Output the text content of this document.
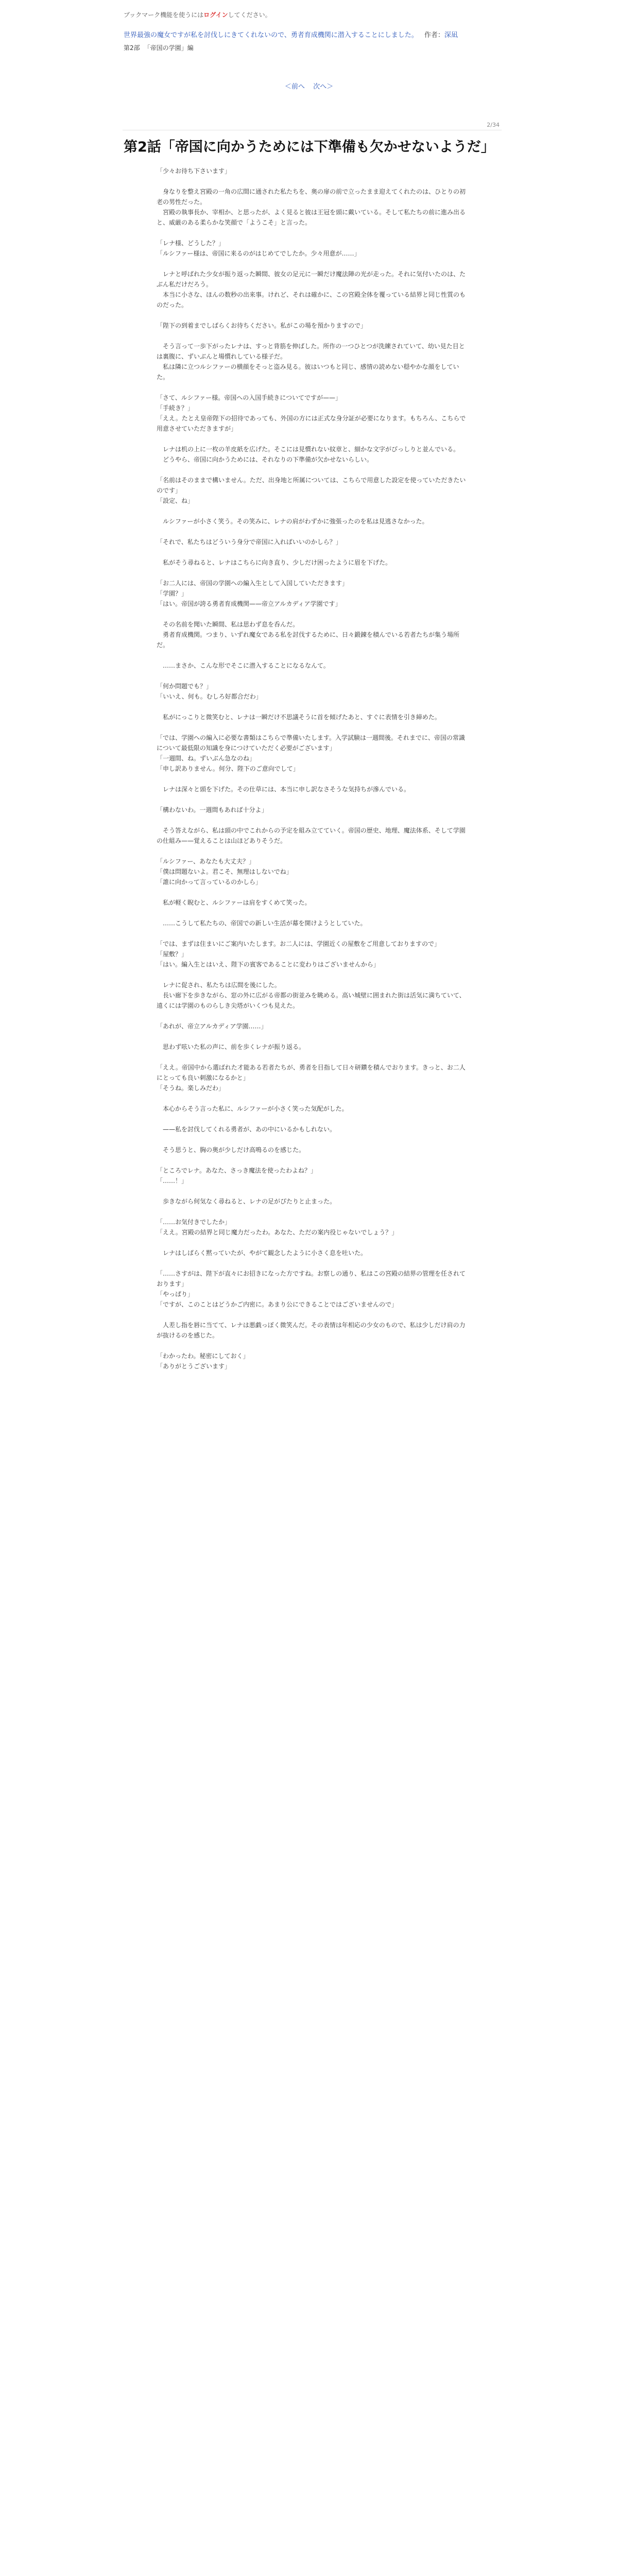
ブックマーク機能を使うにはログインしてください。
世界最強の魔女ですが私を討伐しにきてくれないので、勇者育成機関に潜入することにしました。 作者：深凪
第2部 「帝国の学園」編
＜前へ 次へ＞
2/34
第2話「帝国に向かうためには下準備も欠かせないようだ」

「少々お待ち下さいます」

　身なりを整え宮殿の一角の広間に通された私たちを、奥の扉の前で立ったまま迎えてくれたのは、ひとりの初老の男性だった。

　宮殿の執事長か、宰相か、と思ったが、よく見ると彼は王冠を頭に戴いている。そして私たちの前に進み出ると、威厳のある柔らかな笑顔で「ようこそ」と言った。

「レナ様、どうした？」

「ルシファー様は、帝国に来るのがはじめてでしたか。少々用意が……」

　レナと呼ばれた少女が振り返った瞬間、彼女の足元に一瞬だけ魔法陣の光が走った。それに気付いたのは、たぶん私だけだろう。

　本当に小さな、ほんの数秒の出来事。けれど、それは確かに、この宮殿全体を覆っている結界と同じ性質のものだった。

「陛下の到着までしばらくお待ちください。私がこの場を預かりますので」

　そう言って一歩下がったレナは、すっと背筋を伸ばした。所作の一つひとつが洗練されていて、幼い見た目とは裏腹に、ずいぶんと場慣れしている様子だ。

　私は隣に立つルシファーの横顔をそっと盗み見る。彼はいつもと同じ、感情の読めない穏やかな顔をしていた。

「さて、ルシファー様。帝国への入国手続きについてですが——」

「手続き？」

「ええ。たとえ皇帝陛下の招待であっても、外国の方には正式な身分証が必要になります。もちろん、こちらで用意させていただきますが」

　レナは机の上に一枚の羊皮紙を広げた。そこには見慣れない紋章と、細かな文字がびっしりと並んでいる。

　どうやら、帝国に向かうためには、それなりの下準備が欠かせないらしい。

「名前はそのままで構いません。ただ、出身地と所属については、こちらで用意した設定を使っていただきたいのです」

「設定、ね」

　ルシファーが小さく笑う。その笑みに、レナの肩がわずかに強張ったのを私は見逃さなかった。

「それで、私たちはどういう身分で帝国に入ればいいのかしら？」

　私がそう尋ねると、レナはこちらに向き直り、少しだけ困ったように眉を下げた。

「お二人には、帝国の学園への編入生として入国していただきます」

「学園？」

「はい。帝国が誇る勇者育成機関——帝立アルカディア学園です」

　その名前を聞いた瞬間、私は思わず息を呑んだ。

　勇者育成機関。つまり、いずれ魔女である私を討伐するために、日々鍛錬を積んでいる若者たちが集う場所だ。

　……まさか、こんな形でそこに潜入することになるなんて。

「何か問題でも？」

「いいえ、何も。むしろ好都合だわ」

　私がにっこりと微笑むと、レナは一瞬だけ不思議そうに首を傾げたあと、すぐに表情を引き締めた。

「では、学園への編入に必要な書類はこちらで準備いたします。入学試験は一週間後。それまでに、帝国の常識について最低限の知識を身につけていただく必要がございます」

「一週間、ね。ずいぶん急なのね」

「申し訳ありません。何分、陛下のご意向でして」

　レナは深々と頭を下げた。その仕草には、本当に申し訳なさそうな気持ちが滲んでいる。

「構わないわ。一週間もあれば十分よ」

　そう答えながら、私は頭の中でこれからの予定を組み立てていく。帝国の歴史、地理、魔法体系、そして学園の仕組み——覚えることは山ほどありそうだ。

「ルシファー、あなたも大丈夫？」

「僕は問題ないよ。君こそ、無理はしないでね」

「誰に向かって言っているのかしら」

　私が軽く睨むと、ルシファーは肩をすくめて笑った。

　……こうして私たちの、帝国での新しい生活が幕を開けようとしていた。

「では、まずは住まいにご案内いたします。お二人には、学園近くの屋敷をご用意しておりますので」

「屋敷？」

「はい。編入生とはいえ、陛下の賓客であることに変わりはございませんから」

　レナに促され、私たちは広間を後にした。

　長い廊下を歩きながら、窓の外に広がる帝都の街並みを眺める。高い城壁に囲まれた街は活気に満ちていて、遠くには学園のものらしき尖塔がいくつも見えた。

「あれが、帝立アルカディア学園……」

　思わず呟いた私の声に、前を歩くレナが振り返る。

「ええ。帝国中から選ばれた才能ある若者たちが、勇者を目指して日々研鑽を積んでおります。きっと、お二人にとっても良い刺激になるかと」

「そうね。楽しみだわ」

　本心からそう言った私に、ルシファーが小さく笑った気配がした。

　——私を討伐してくれる勇者が、あの中にいるかもしれない。

　そう思うと、胸の奥が少しだけ高鳴るのを感じた。

「ところでレナ。あなた、さっき魔法を使ったわよね？」

「……！」

　歩きながら何気なく尋ねると、レナの足がぴたりと止まった。

「……お気付きでしたか」

「ええ。宮殿の結界と同じ魔力だったわ。あなた、ただの案内役じゃないでしょう？」

　レナはしばらく黙っていたが、やがて観念したように小さく息を吐いた。

「……さすがは、陛下が直々にお招きになった方ですね。お察しの通り、私はこの宮殿の結界の管理を任されております」

「やっぱり」

「ですが、このことはどうかご内密に。あまり公にできることではございませんので」

　人差し指を唇に当てて、レナは悪戯っぽく微笑んだ。その表情は年相応の少女のもので、私は少しだけ肩の力が抜けるのを感じた。

「わかったわ。秘密にしておく」

「ありがとうございます」
